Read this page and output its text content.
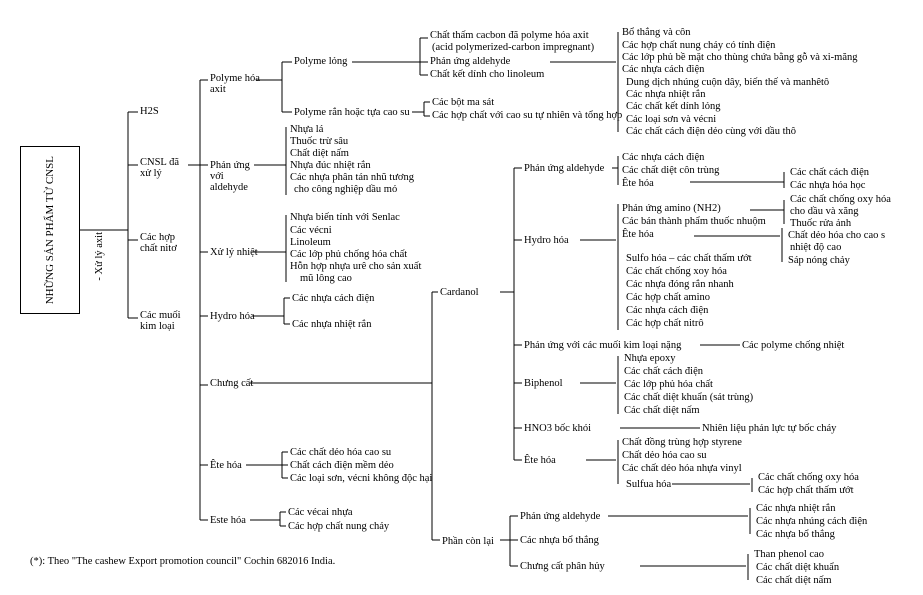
NHỮNG SẢN PHẨM TỪ CNSL	- Xử lý axit
H2S
CNSL đã xử lý
Các hợp chất nitơ
Các muối kim loại
Polyme hóa axit
Phản ứng với aldehyde
Xử lý nhiệt
Hydro hóa
Chưng cất
Ête hóa
Este hóa
Polyme lỏng
Polyme rắn hoặc tựa cao su
Chất thấm cacbon đã polyme hóa axit
(acid polymerized-carbon impregnant)
Phản ứng aldehyde
Chất kết dính cho linoleum
Các bột ma sát
Các hợp chất với cao su tự nhiên và tổng hợp
Bổ thắng và côn
Các hợp chất nung chảy có tính điện
Các lớp phủ bề mặt cho thùng chứa bằng gỗ và xi-măng
Các nhựa cách điện
Dung dịch nhúng cuộn dây, biến thế và manhêtô
Các nhựa nhiệt rắn
Các chất kết dính lỏng
Các loại sơn và vécni
Các chất cách điện dẻo cùng với dầu thô
Nhựa lá
Thuốc trừ sâu
Chất diệt nấm
Nhựa đúc nhiệt rắn
Các nhựa phân tán nhũ tương
cho công nghiệp dầu mỏ
Nhựa biến tính với Senlac
Các vécni
Linoleum
Các lớp phủ chống hóa chất
Hỗn hợp nhựa urê cho sản xuất
mũ lông cao
Các nhựa cách điện
Các nhựa nhiệt rắn
Các chất dẻo hóa cao su
Chất cách điện mềm dẻo
Các loại sơn, vécni không độc hại
Các vécai nhựa
Các hợp chất nung chảy
Cardanol
Phản ứng aldehyde
Hydro hóa
Phản ứng với các muối kim loại nặng
Biphenol
HNO3 bốc khói
Ête hóa
Các nhựa cách điện
Các chất diệt côn trùng
Ête hóa
Các chất cách điện
Các nhựa hóa học
Phản ứng amino (NH2)
Các bán thành phẩm thuốc nhuộm
Ête hóa
Sulfo hóa – các chất thấm ướt
Các chất chống xoy hóa
Các nhựa đóng rắn nhanh
Các hợp chất amino
Các nhựa cách điện
Các hợp chất nitrô
Các chất chống oxy hóa
cho dầu và xăng
Thuốc rửa ảnh
Chất dẻo hóa cho cao s
nhiệt độ cao
Sáp nóng chảy
Các polyme chống nhiệt
Nhựa epoxy
Các chất cách điện
Các lớp phủ hóa chất
Các chất diệt khuẩn (sát trùng)
Các chất diệt nấm
Nhiên liệu phản lực tự bốc cháy
Chất đồng trùng hợp styrene
Chất dẻo hóa cao su
Các chất dẻo hóa nhựa vinyl
Sulfua hóa
Các chất chống oxy hóa
Các hợp chất thấm ướt
Phần còn lại
Phản ứng aldehyde
Các nhựa bổ thắng
Chưng cất phân hủy
Các nhựa nhiệt rắn
Các nhựa nhúng cách điện
Các nhựa bổ thắng
Than phenol cao
Các chất diệt khuẩn
Các chất diệt nấm
(*): Theo "The cashew Export promotion council" Cochin 682016 India.
